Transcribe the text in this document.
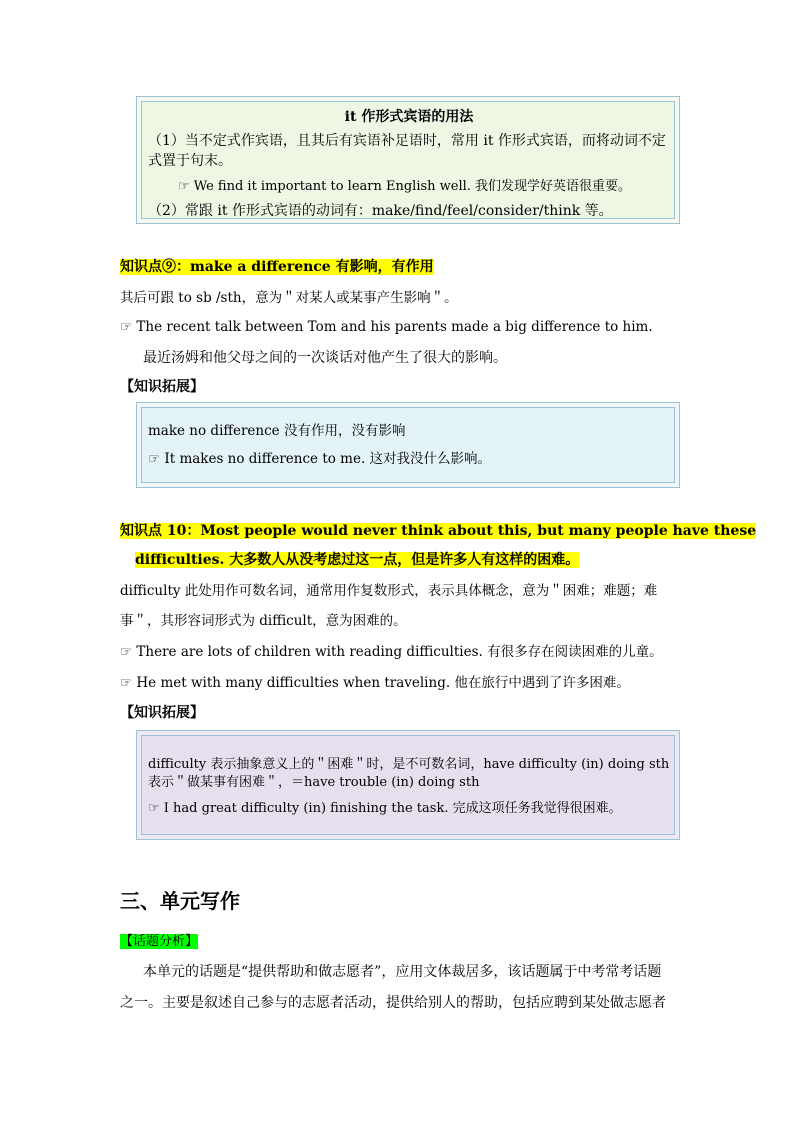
it 作形式宾语的用法
（1）当不定式作宾语，且其后有宾语补足语时，常用 it 作形式宾语，而将动词不定
式置于句末。
☞ We find it important to learn English well. 我们发现学好英语很重要。
（2）常跟 it 作形式宾语的动词有：make/find/feel/consider/think 等。
知识点⑨：make a difference 有影响，有作用
其后可跟 to sb /sth，意为＂对某人或某事产生影响＂。
☞ The recent talk between Tom and his parents made a big difference to him.
最近汤姆和他父母之间的一次谈话对他产生了很大的影响。
【知识拓展】
make no difference 没有作用，没有影响
☞ It makes no difference to me. 这对我没什么影响。
知识点 10：Most people would never think about this, but many people have these
difficulties. 大多数人从没考虑过这一点，但是许多人有这样的困难。
difficulty 此处用作可数名词，通常用作复数形式，表示具体概念，意为＂困难；难题；难
事＂，其形容词形式为 difficult，意为困难的。
☞ There are lots of children with reading difficulties. 有很多存在阅读困难的儿童。
☞ He met with many difficulties when traveling. 他在旅行中遇到了许多困难。
【知识拓展】
difficulty 表示抽象意义上的＂困难＂时，是不可数名词，have difficulty (in) doing sth
表示＂做某事有困难＂，＝have trouble (in) doing sth
☞ I had great difficulty (in) finishing the task. 完成这项任务我觉得很困难。
三、单元写作
【话题分析】
本单元的话题是“提供帮助和做志愿者”，应用文体裁居多，该话题属于中考常考话题
之一。主要是叙述自己参与的志愿者活动，提供给别人的帮助，包括应聘到某处做志愿者
